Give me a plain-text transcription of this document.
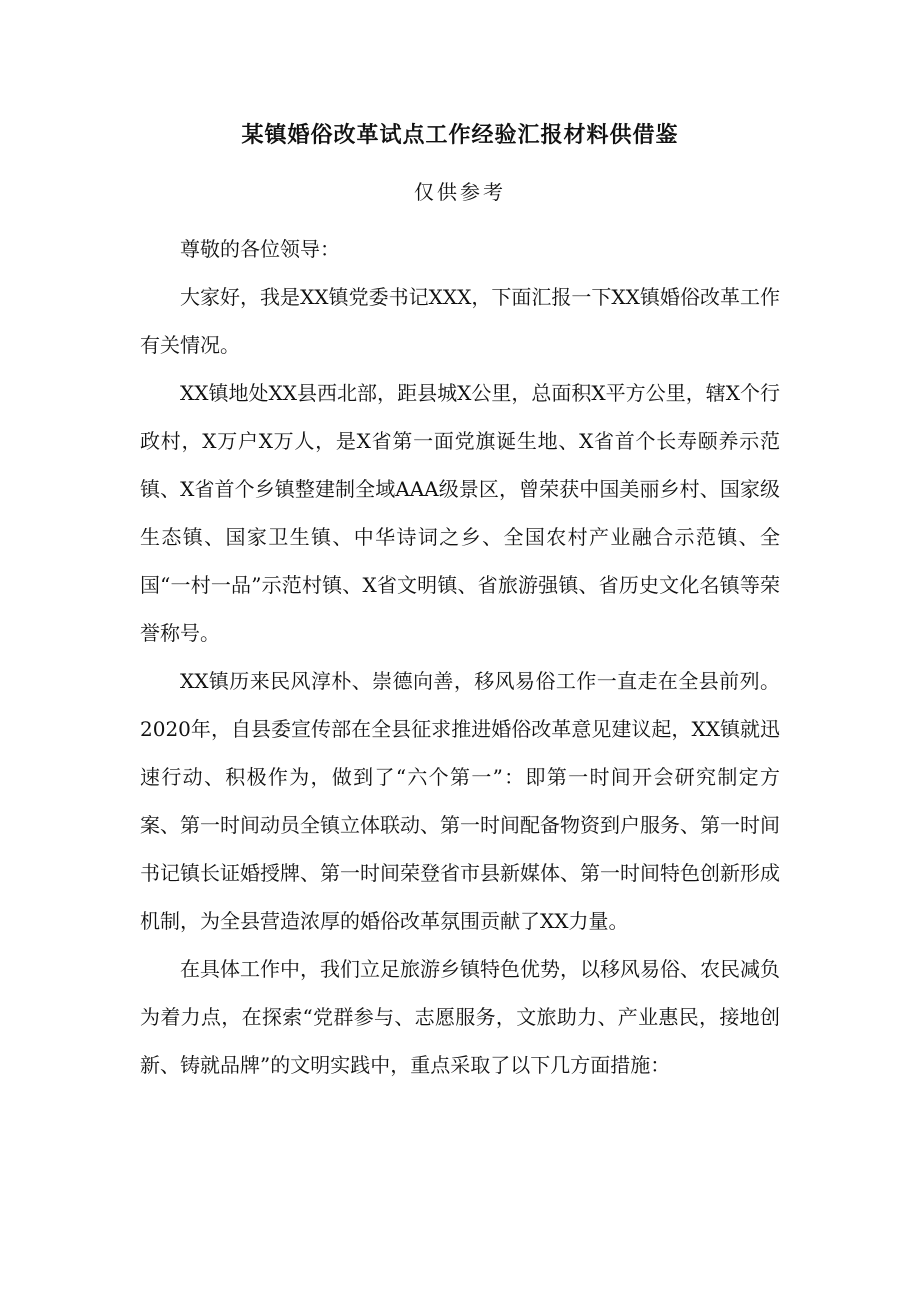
某镇婚俗改革试点工作经验汇报材料供借鉴
仅供参考

尊敬的各位领导：

大家好，我是XX镇党委书记XXX，下面汇报一下XX镇婚俗改革工作有关情况。

XX镇地处XX县西北部，距县城X公里，总面积X平方公里，辖X个行政村，X万户X万人，是X省第一面党旗诞生地、X省首个长寿颐养示范镇、X省首个乡镇整建制全域AAA级景区，曾荣获中国美丽乡村、国家级生态镇、国家卫生镇、中华诗词之乡、全国农村产业融合示范镇、全国“一村一品”示范村镇、X省文明镇、省旅游强镇、省历史文化名镇等荣誉称号。

XX镇历来民风淳朴、崇德向善，移风易俗工作一直走在全县前列。2020年，自县委宣传部在全县征求推进婚俗改革意见建议起，XX镇就迅速行动、积极作为，做到了“六个第一”：即第一时间开会研究制定方案、第一时间动员全镇立体联动、第一时间配备物资到户服务、第一时间书记镇长证婚授牌、第一时间荣登省市县新媒体、第一时间特色创新形成机制，为全县营造浓厚的婚俗改革氛围贡献了XX力量。

在具体工作中，我们立足旅游乡镇特色优势，以移风易俗、农民减负为着力点，在探索“党群参与、志愿服务，文旅助力、产业惠民，接地创新、铸就品牌”的文明实践中，重点采取了以下几方面措施：
